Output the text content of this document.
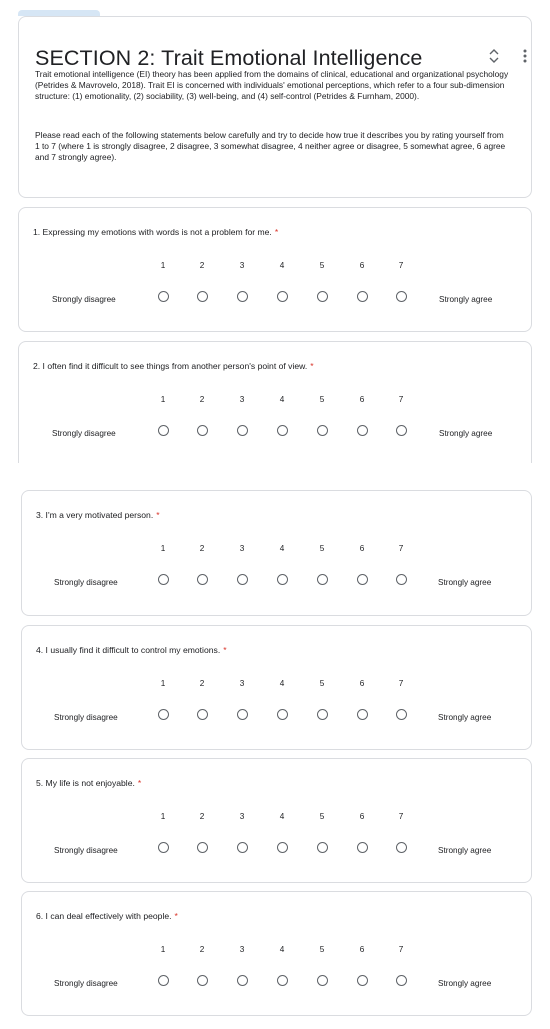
SECTION 2: Trait Emotional Intelligence

Trait emotional intelligence (EI) theory has been applied from the domains of clinical, educational and organizational psychology (Petrides & Mavrovelo, 2018). Trait EI is concerned with individuals' emotional perceptions, which refer to a four sub-dimension structure: (1) emotionality, (2) sociability, (3) well-being, and (4) self-control (Petrides & Furnham, 2000).

Please read each of the following statements below carefully and try to decide how true it describes you by rating yourself from 1 to 7 (where 1 is strongly disagree, 2 disagree, 3 somewhat disagree, 4 neither agree or disagree, 5 somewhat agree, 6 agree and 7 strongly agree).

1. Expressing my emotions with words is not a problem for me. *
1	2	3	4	5	6	7
Strongly disagree	Strongly agree
2. I often find it difficult to see things from another person's point of view. *
1	2	3	4	5	6	7
Strongly disagree	Strongly agree
3. I'm a very motivated person. *
1	2	3	4	5	6	7
Strongly disagree	Strongly agree
4. I usually find it difficult to control my emotions. *
1	2	3	4	5	6	7
Strongly disagree	Strongly agree
5. My life is not enjoyable. *
1	2	3	4	5	6	7
Strongly disagree	Strongly agree
6. I can deal effectively with people. *
1	2	3	4	5	6	7
Strongly disagree	Strongly agree
